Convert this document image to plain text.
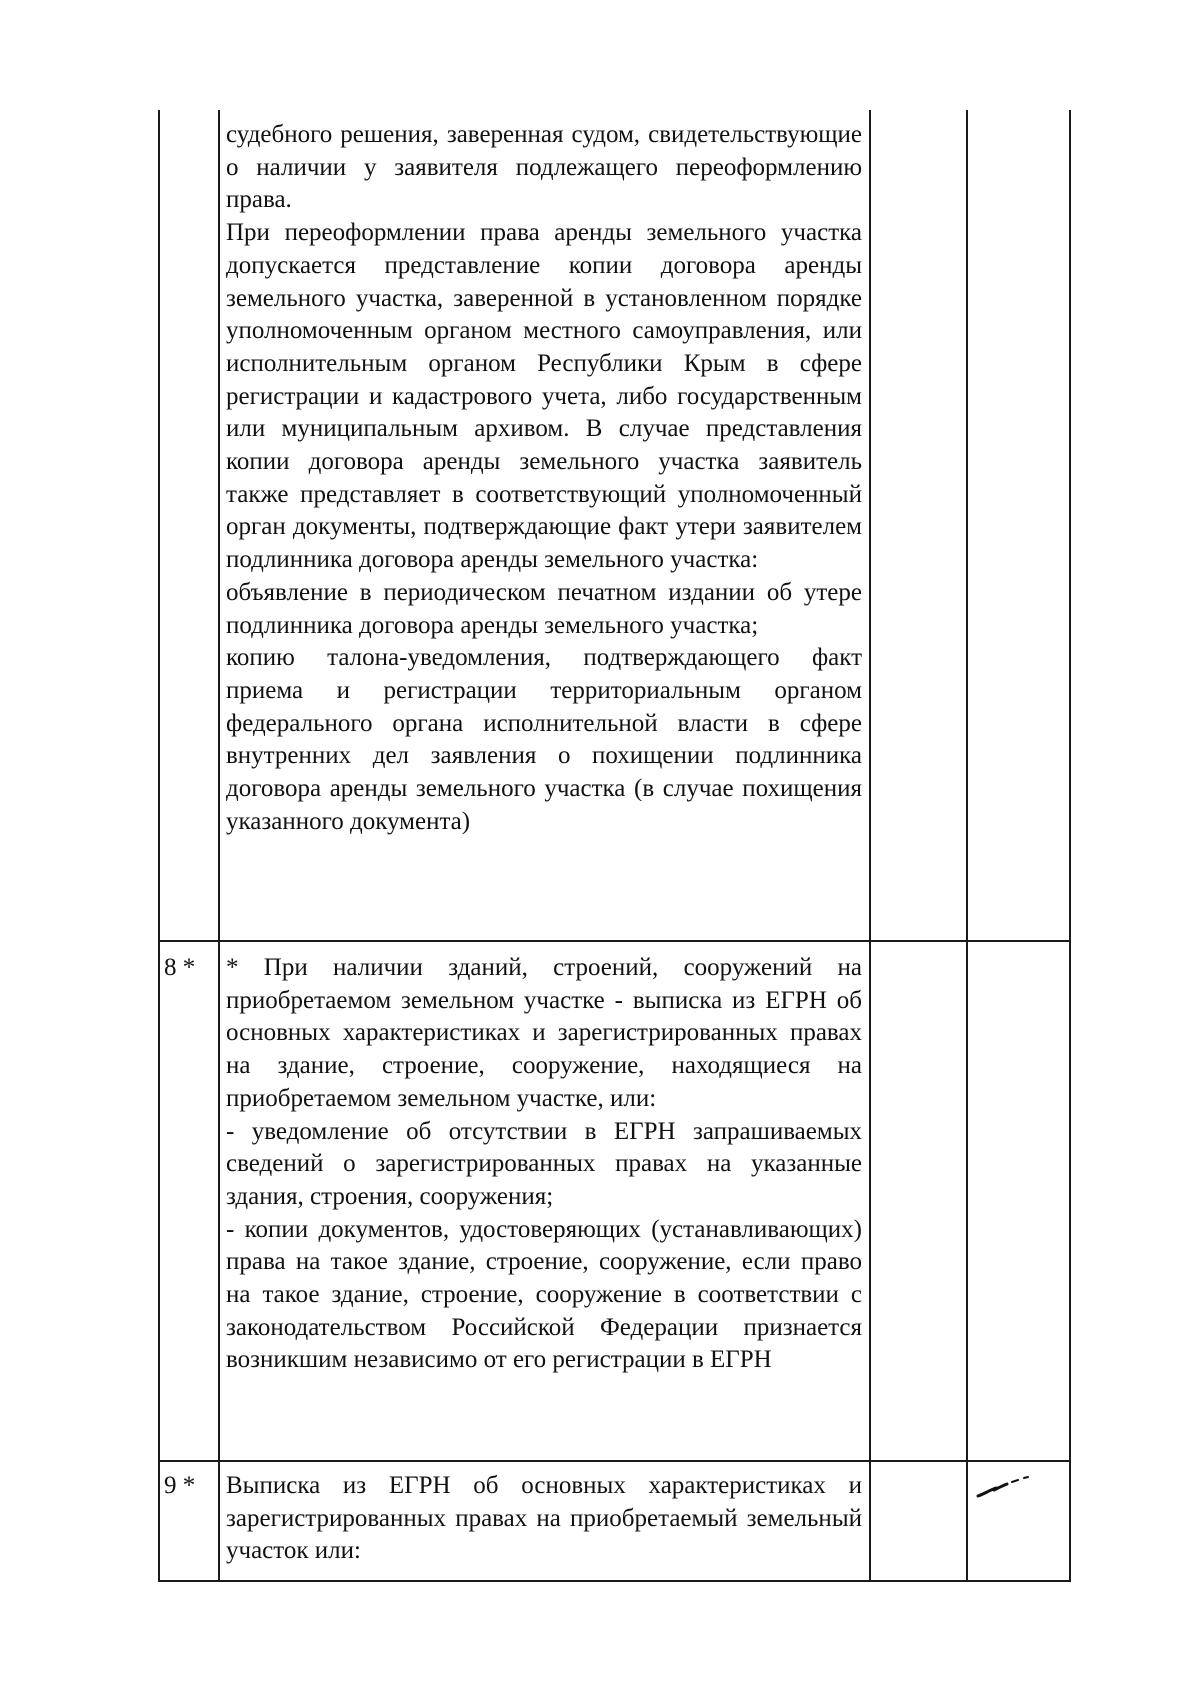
судебного решения, заверенная судом, свидетельствующие о наличии у заявителя подлежащего переоформлению права.

При переоформлении права аренды земельного участка допускается представление копии договора аренды земельного участка, заверенной в установленном порядке уполномоченным органом местного самоуправления, или исполнительным органом Республики Крым в сфере регистрации и кадастрового учета, либо государственным или муниципальным архивом. В случае представления копии договора аренды земельного участка заявитель также представляет в соответствующий уполномоченный орган документы, подтверждающие факт утери заявителем подлинника договора аренды земельного участка:

объявление в периодическом печатном издании об утере подлинника договора аренды земельного участка;

копию талона-уведомления, подтверждающего факт приема и регистрации территориальным органом федерального органа исполнительной власти в сфере внутренних дел заявления о похищении подлинника договора аренды земельного участка (в случае похищения указанного документа)

8 * * При наличии зданий, строений, сооружений на приобретаемом земельном участке - выписка из ЕГРН об основных характеристиках и зарегистрированных правах на здание, строение, сооружение, находящиеся на приобретаемом земельном участке, или:

- уведомление об отсутствии в ЕГРН запрашиваемых сведений о зарегистрированных правах на указанные здания, строения, сооружения;

- копии документов, удостоверяющих (устанавливающих) права на такое здание, строение, сооружение, если право на такое здание, строение, сооружение в соответствии с законодательством Российской Федерации признается возникшим независимо от его регистрации в ЕГРН

9 * Выписка из ЕГРН об основных характеристиках и зарегистрированных правах на приобретаемый земельный участок или:
